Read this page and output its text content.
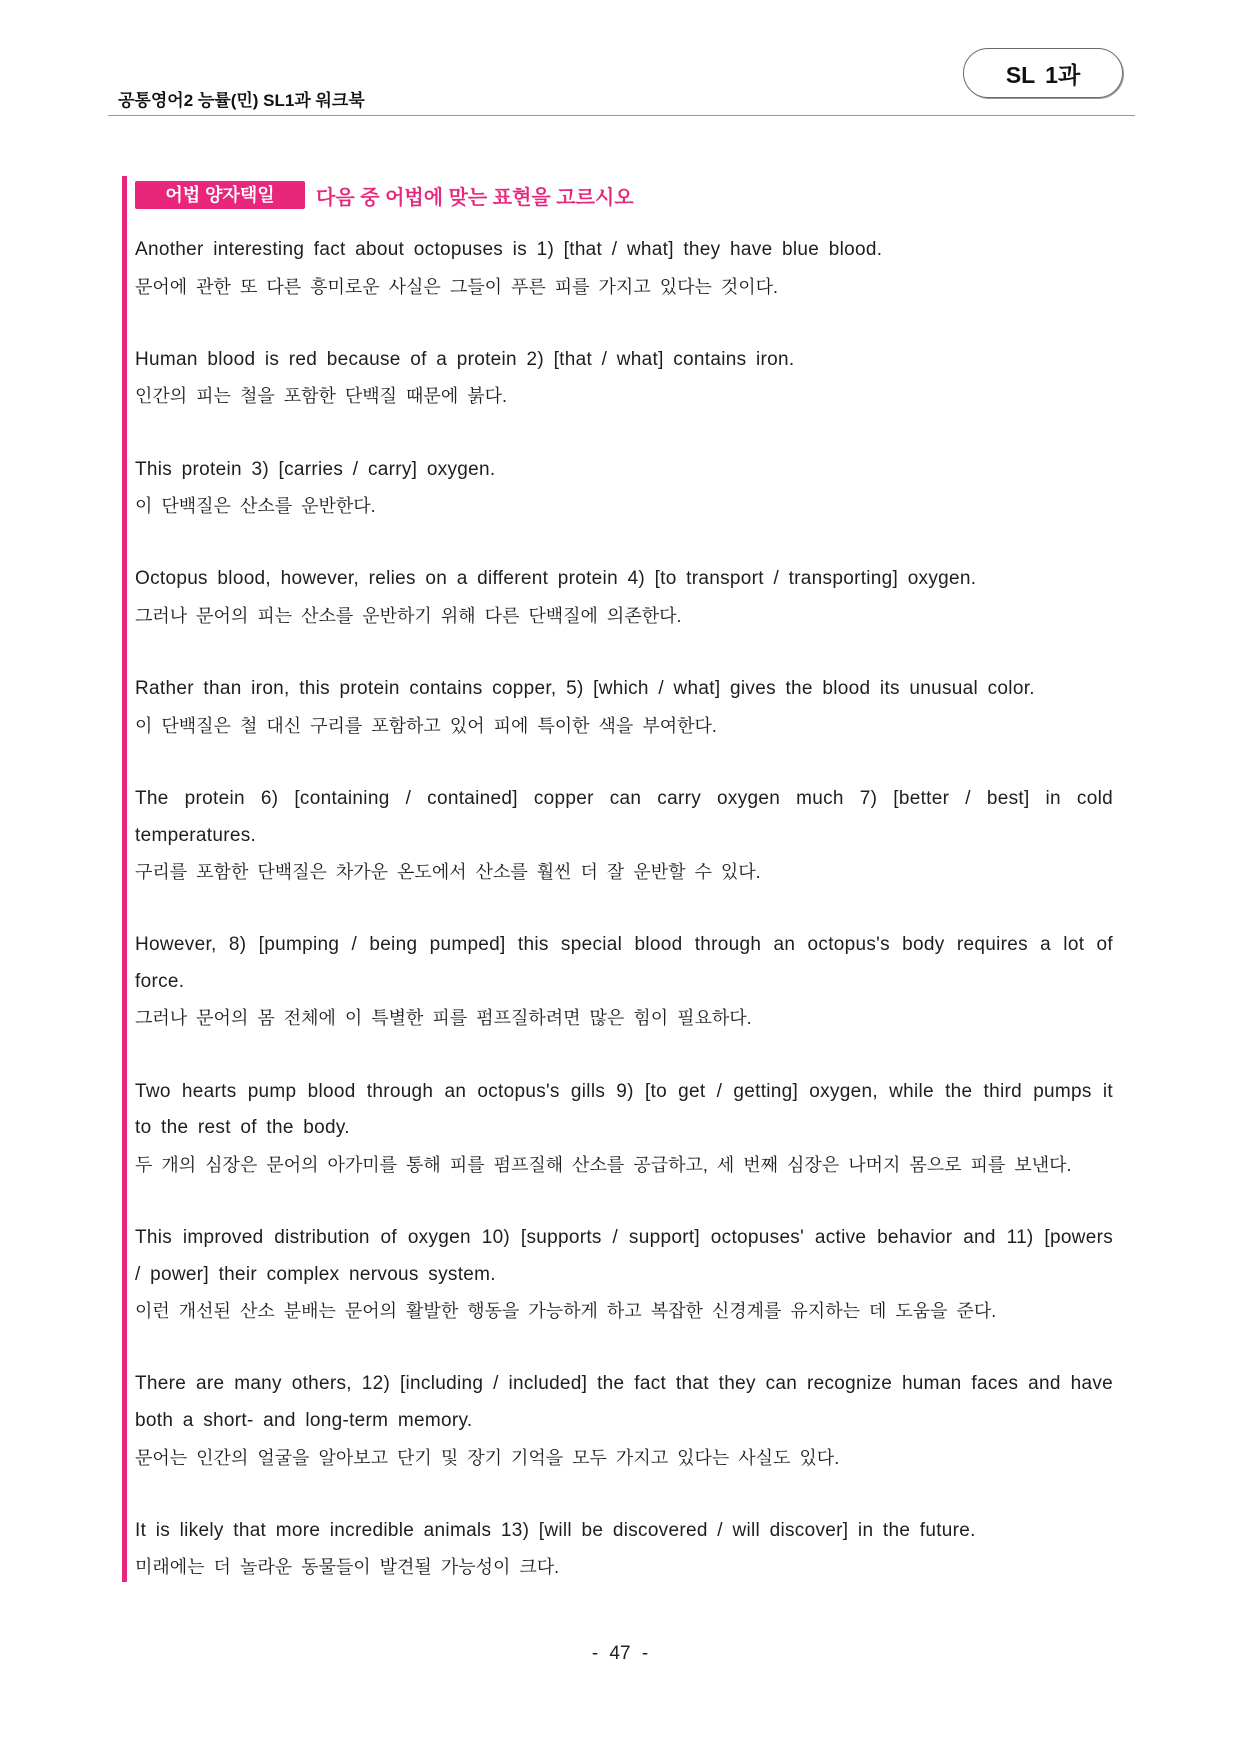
공통영어2 능률(민) SL1과 워크북
SL 1과
어법 양자택일	다음 중 어법에 맞는 표현을 고르시오
Another interesting fact about octopuses is 1) [that / what] they have blue blood.
문어에 관한 또 다른 흥미로운 사실은 그들이 푸른 피를 가지고 있다는 것이다.
Human blood is red because of a protein 2) [that / what] contains iron.
인간의 피는 철을 포함한 단백질 때문에 붉다.
This protein 3) [carries / carry] oxygen.
이 단백질은 산소를 운반한다.
Octopus blood, however, relies on a different protein 4) [to transport / transporting] oxygen.
그러나 문어의 피는 산소를 운반하기 위해 다른 단백질에 의존한다.
Rather than iron, this protein contains copper, 5) [which / what] gives the blood its unusual color.
이 단백질은 철 대신 구리를 포함하고 있어 피에 특이한 색을 부여한다.
The protein 6) [containing / contained] copper can carry oxygen much 7) [better / best] in cold
temperatures.
구리를 포함한 단백질은 차가운 온도에서 산소를 훨씬 더 잘 운반할 수 있다.
However, 8) [pumping / being pumped] this special blood through an octopus's body requires a lot of
force.
그러나 문어의 몸 전체에 이 특별한 피를 펌프질하려면 많은 힘이 필요하다.
Two hearts pump blood through an octopus's gills 9) [to get / getting] oxygen, while the third pumps it
to the rest of the body.
두 개의 심장은 문어의 아가미를 통해 피를 펌프질해 산소를 공급하고, 세 번째 심장은 나머지 몸으로 피를 보낸다.
This improved distribution of oxygen 10) [supports / support] octopuses' active behavior and 11) [powers
/ power] their complex nervous system.
이런 개선된 산소 분배는 문어의 활발한 행동을 가능하게 하고 복잡한 신경계를 유지하는 데 도움을 준다.
There are many others, 12) [including / included] the fact that they can recognize human faces and have
both a short- and long-term memory.
문어는 인간의 얼굴을 알아보고 단기 및 장기 기억을 모두 가지고 있다는 사실도 있다.
It is likely that more incredible animals 13) [will be discovered / will discover] in the future.
미래에는 더 놀라운 동물들이 발견될 가능성이 크다.
- 47 -
